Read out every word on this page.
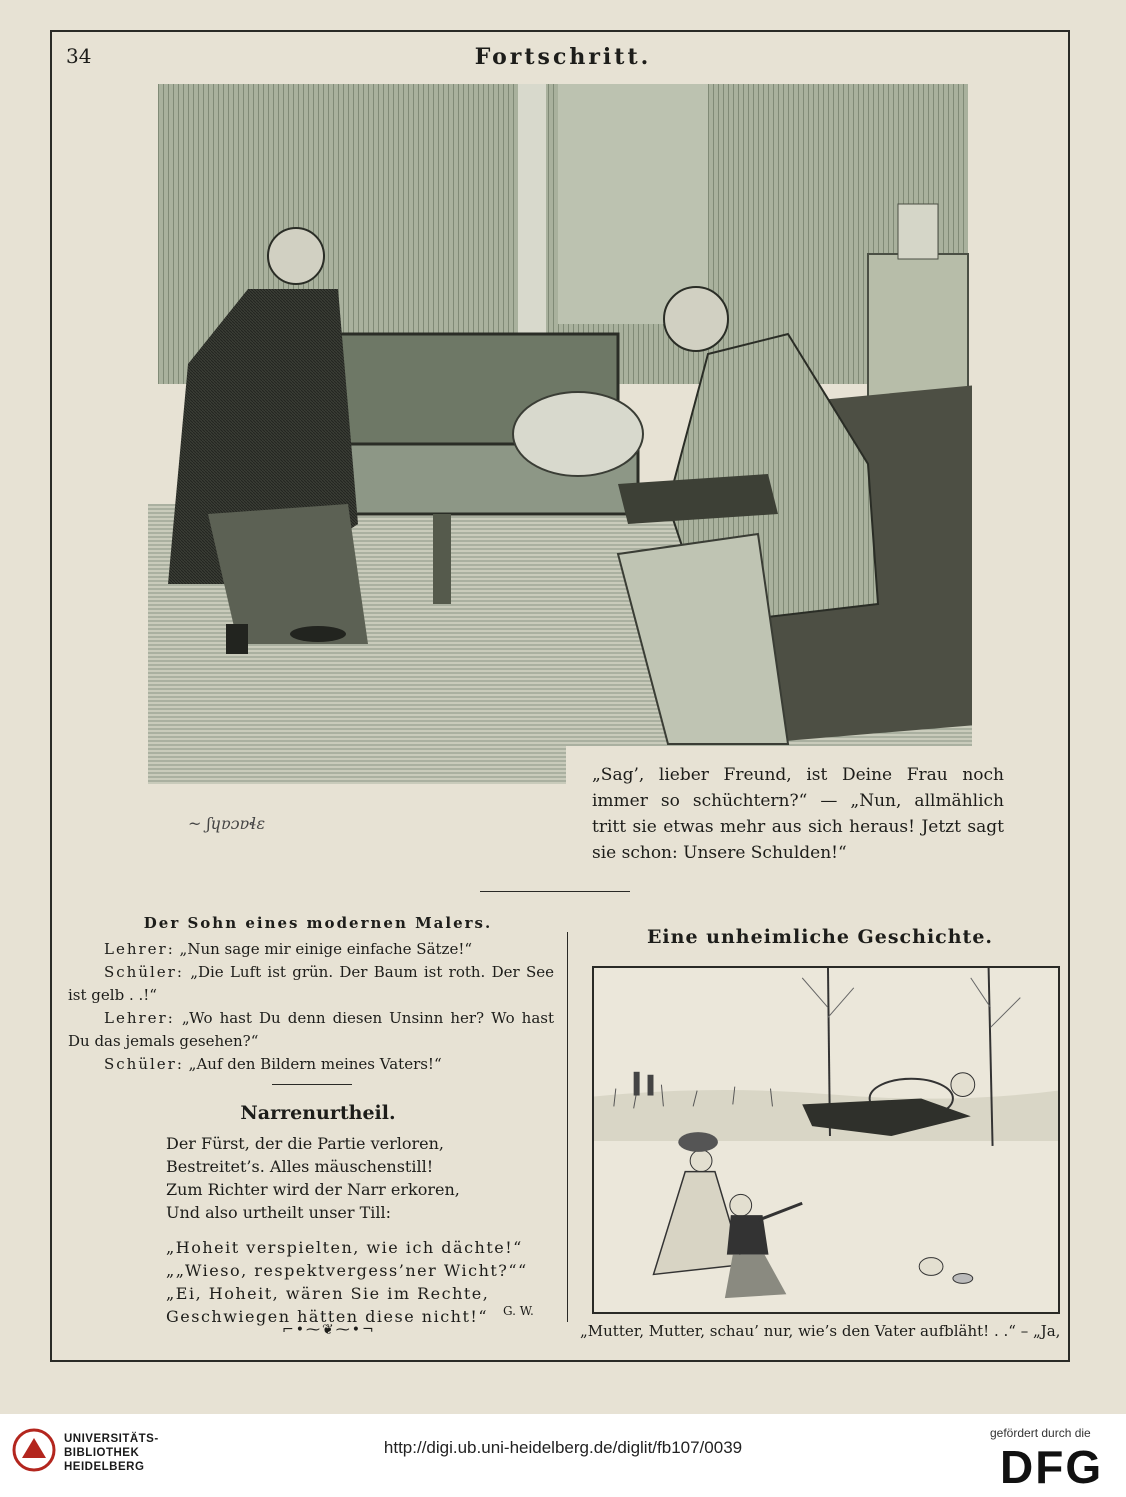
34	Fortschritt.
~ ʃɥɐɔɐɬɛ
„Sag’, lieber Freund, ist Deine Frau noch immer so schüchtern?“ — „Nun, allmählich tritt sie etwas mehr aus sich heraus! Jetzt sagt sie schon: Unsere Schulden!“
Der Sohn eines modernen Malers.

Lehrer: „Nun sage mir einige einfache Sätze!“

Schüler: „Die Luft ist grün. Der Baum ist roth. Der See ist gelb . .!“

Lehrer: „Wo hast Du denn diesen Unsinn her? Wo hast Du das jemals gesehen?“

Schüler: „Auf den Bildern meines Vaters!“

Narrenurtheil.
Der Fürst, der die Partie verloren,
Bestreitet’s. Alles mäuschenstill!
Zum Richter wird der Narr erkoren,
Und also urtheilt unser Till:
„Hoheit verspielten, wie ich dächte!“
„„Wieso, respektvergess’ner Wicht?““
„Ei, Hoheit, wären Sie im Rechte,
Geschwiegen hätten diese nicht!“	G. W.
⌐•⁓❦⁓•¬
Eine unheimliche Geschichte.
„Mutter, Mutter, schau’ nur, wie’s den Vater aufbläht! . .“ – „Ja,
UNIVERSITÄTS-
BIBLIOTHEK
HEIDELBERG
http://digi.ub.uni-heidelberg.de/diglit/fb107/0039
gefördert durch die
DFG
